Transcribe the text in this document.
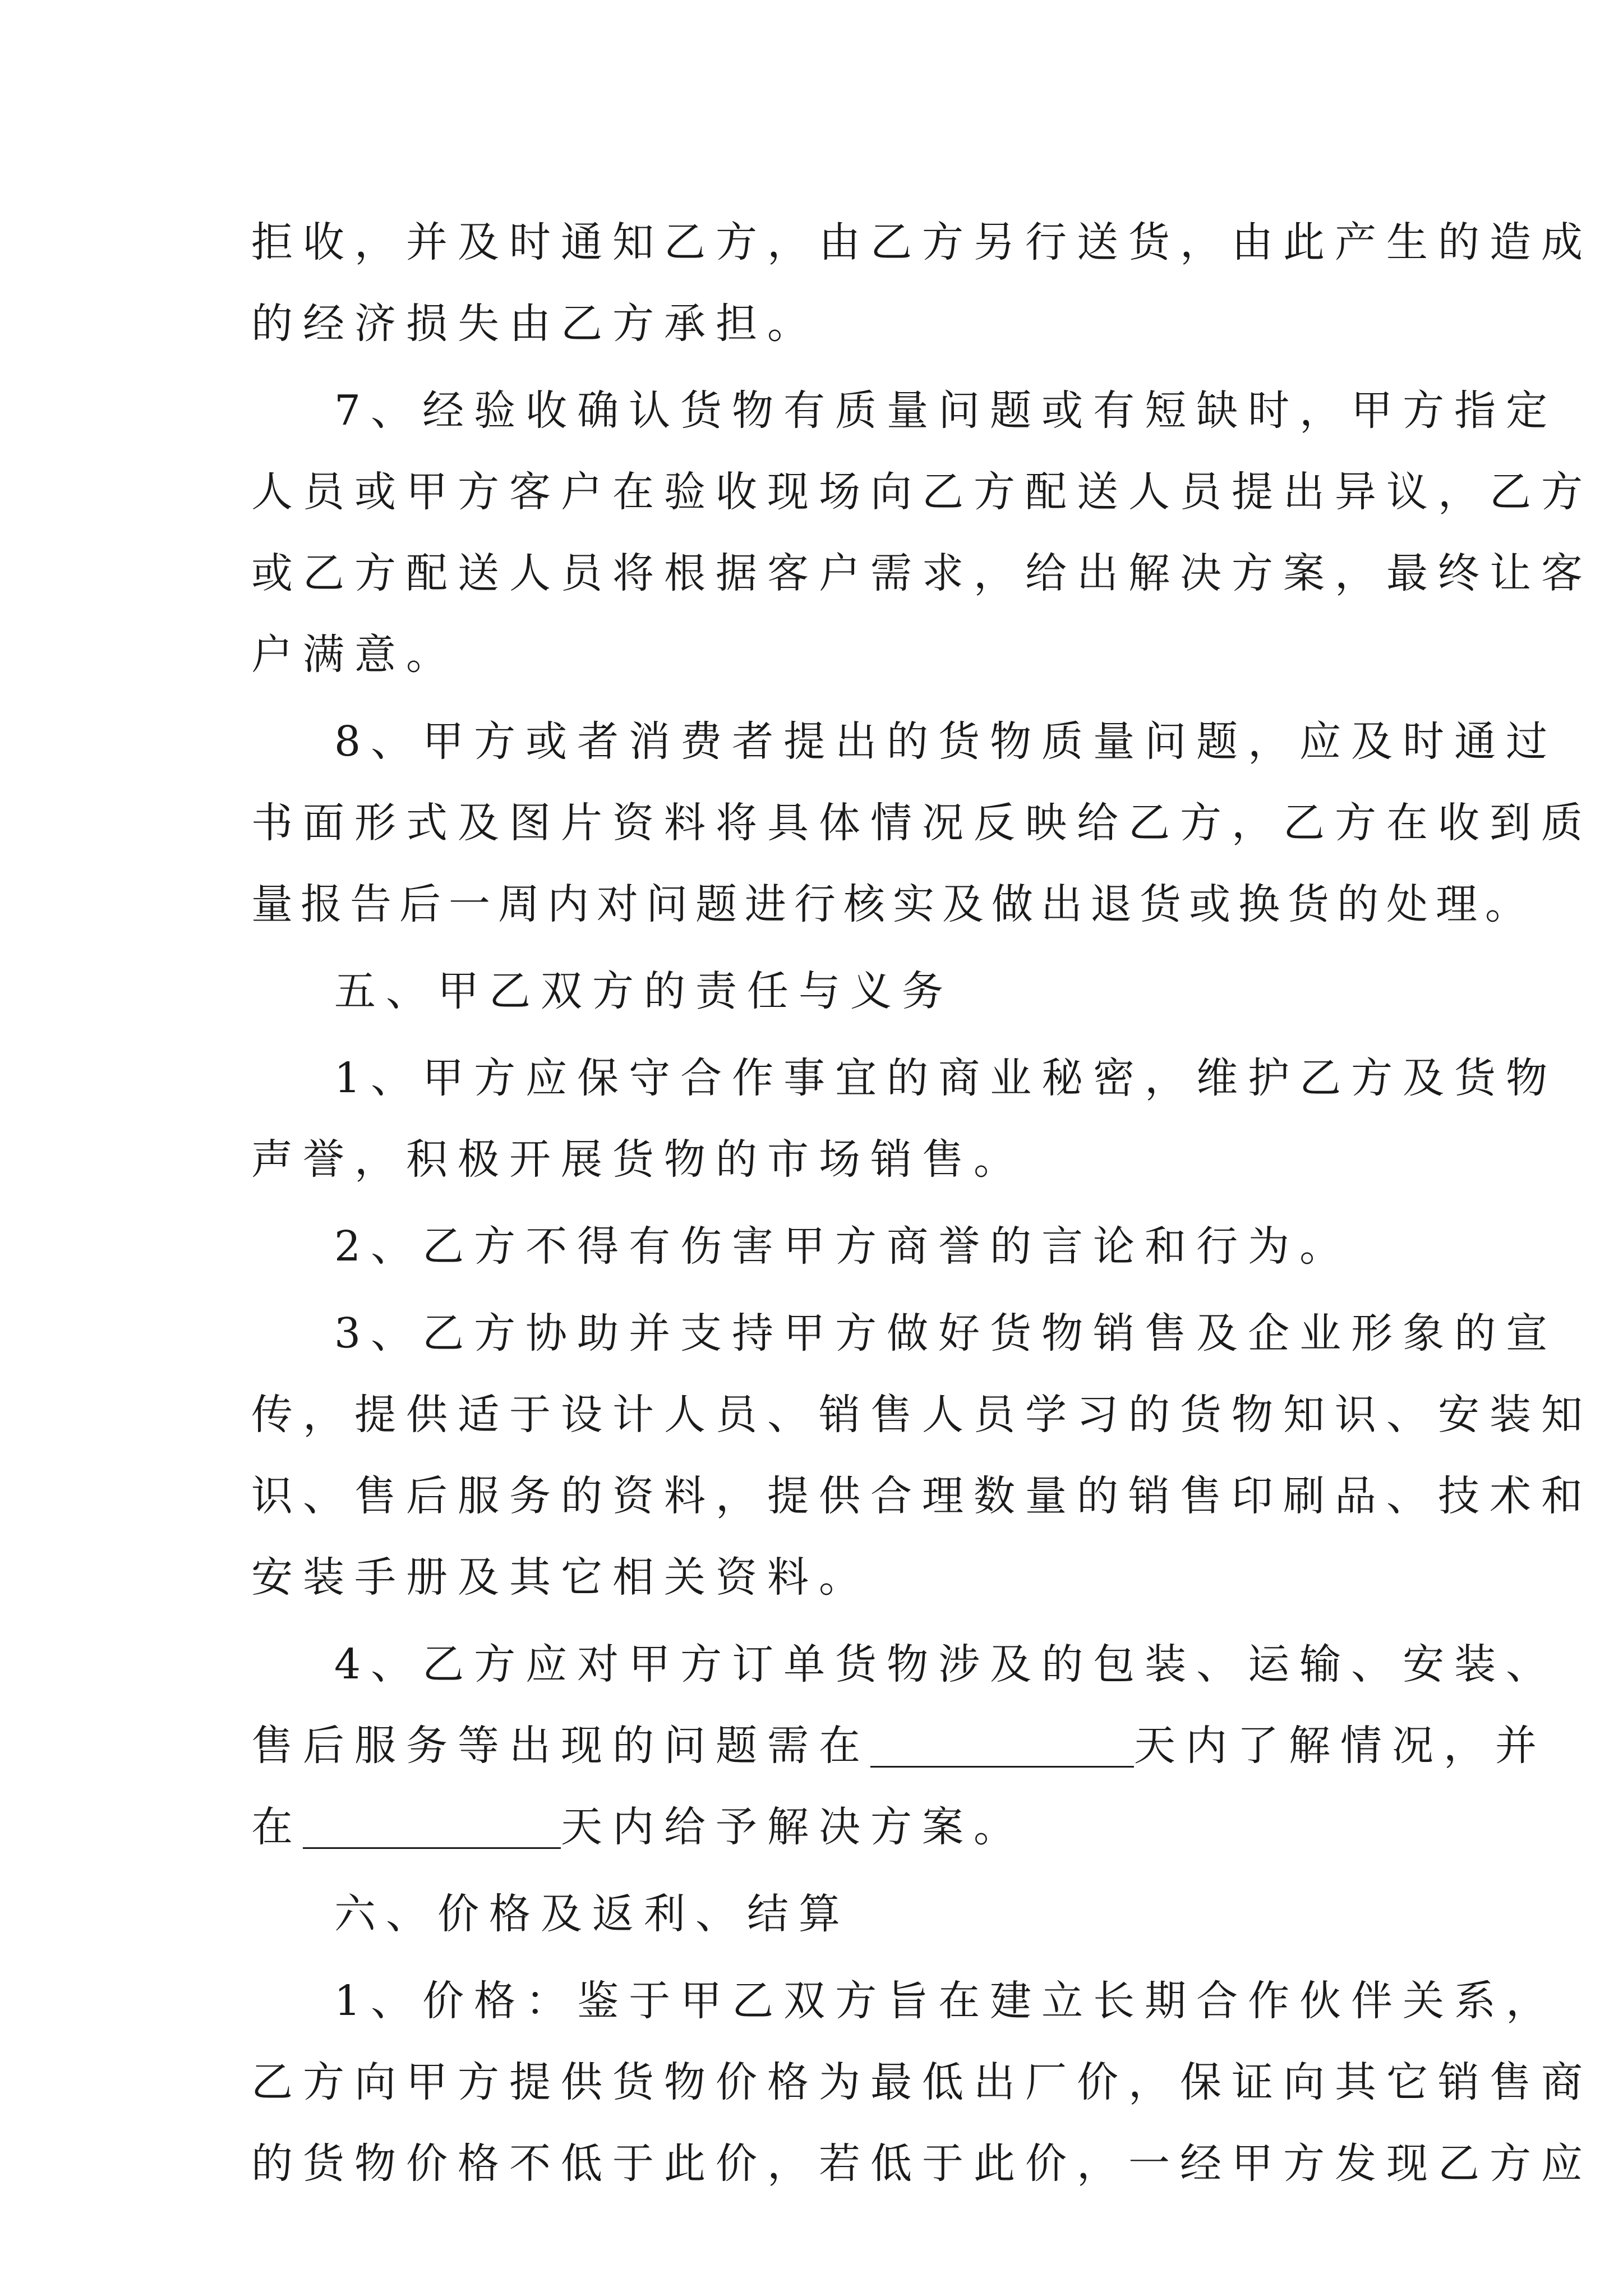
拒收，并及时通知乙方，由乙方另行送货，由此产生的造成
的经济损失由乙方承担。
7、经验收确认货物有质量问题或有短缺时，甲方指定
人员或甲方客户在验收现场向乙方配送人员提出异议，乙方
或乙方配送人员将根据客户需求，给出解决方案，最终让客
户满意。
8、甲方或者消费者提出的货物质量问题，应及时通过
书面形式及图片资料将具体情况反映给乙方，乙方在收到质
量报告后一周内对问题进行核实及做出退货或换货的处理。
五、甲乙双方的责任与义务
1、甲方应保守合作事宜的商业秘密，维护乙方及货物
声誉，积极开展货物的市场销售。
2、乙方不得有伤害甲方商誉的言论和行为。
3、乙方协助并支持甲方做好货物销售及企业形象的宣
传，提供适于设计人员、销售人员学习的货物知识、安装知
识、售后服务的资料，提供合理数量的销售印刷品、技术和
安装手册及其它相关资料。
4、乙方应对甲方订单货物涉及的包装、运输、安装、
售后服务等出现的问题需在	天内了解情况，并
在	天内给予解决方案。
六、价格及返利、结算
1、价格：鉴于甲乙双方旨在建立长期合作伙伴关系，
乙方向甲方提供货物价格为最低出厂价，保证向其它销售商
的货物价格不低于此价，若低于此价，一经甲方发现乙方应
